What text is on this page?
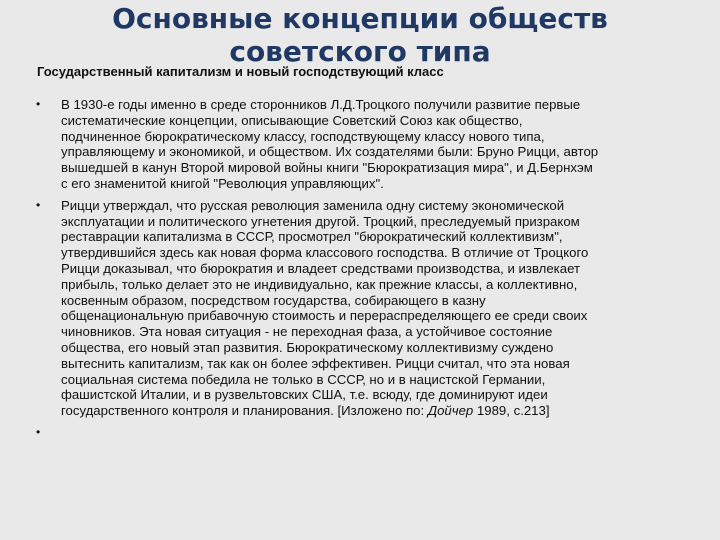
Основные концепции обществ советского типа

Государственный капитализм и новый господствующий класс

• В 1930-е годы именно в среде сторонников Л.Д.Троцкого получили развитие первые
систематические концепции, описывающие Советский Союз как общество,
подчиненное бюрократическому классу, господствующему классу нового типа,
управляющему и экономикой, и обществом. Их создателями были: Бруно Рицци, автор
вышедшей в канун Второй мировой войны книги "Бюрократизация мира", и Д.Бернхэм
с его знаменитой книгой "Революция управляющих".
• Рицци утверждал, что русская революция заменила одну систему экономической
эксплуатации и политического угнетения другой. Троцкий, преследуемый призраком
реставрации капитализма в СССР, просмотрел "бюрократический коллективизм",
утвердившийся здесь как новая форма классового господства. В отличие от Троцкого
Рицци доказывал, что бюрократия и владеет средствами производства, и извлекает
прибыль, только делает это не индивидуально, как прежние классы, а коллективно,
косвенным образом, посредством государства, собирающего в казну
общенациональную прибавочную стоимость и перераспределяющего ее среди своих
чиновников. Эта новая ситуация - не переходная фаза, а устойчивое состояние
общества, его новый этап развития. Бюрократическому коллективизму суждено
вытеснить капитализм, так как он более эффективен. Рицци считал, что эта новая
социальная система победила не только в СССР, но и в нацистской Германии,
фашистской Италии, и в рузвельтовских США, т.е. всюду, где доминируют идеи
государственного контроля и планирования. [Изложено по: Дойчер 1989, с.213]
•
